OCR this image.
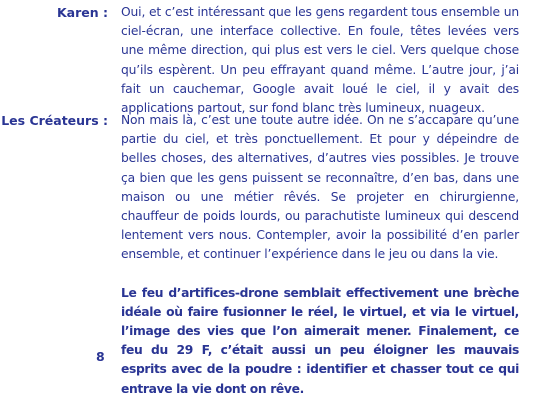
Karen : Oui, et c’est intéressant que les gens regardent tous ensemble un ciel-écran, une interface collective. En foule, têtes levées vers une même direction, qui plus est vers le ciel. Vers quelque chose qu’ils espèrent. Un peu effrayant quand même. L’autre jour, j’ai fait un cauchemar, Google avait loué le ciel, il y avait des applications partout, sur fond blanc très lumineux, nuageux.

Les Créateurs : Non mais là, c’est une toute autre idée. On ne s’accapare qu’une partie du ciel, et très ponctuellement. Et pour y dépeindre de belles choses, des alternatives, d’autres vies possibles. Je trouve ça bien que les gens puissent se reconnaître, d’en bas, dans une maison ou une métier rêvés. Se projeter en chirurgienne, chauffeur de poids lourds, ou parachutiste lumineux qui descend lentement vers nous. Contempler, avoir la possibilité d’en parler ensemble, et continuer l’expérience dans le jeu ou dans la vie.

Le feu d’artifices-drone semblait effectivement une brèche idéale où faire fusionner le réel, le virtuel, et via le virtuel, l’image des vies que l’on aimerait mener. Finalement, ce feu du 29 F, c’était aussi un peu éloigner les mauvais esprits avec de la poudre : identifier et chasser tout ce qui entrave la vie dont on rêve.

8
